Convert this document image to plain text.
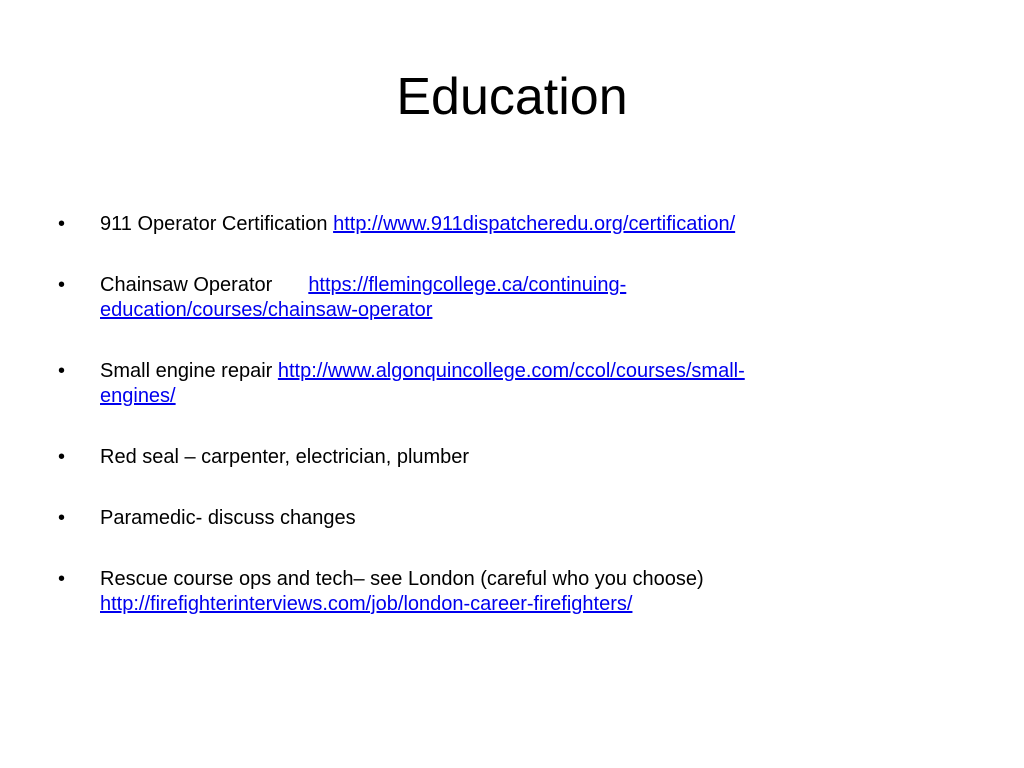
Education
•	911 Operator Certification http://www.911dispatcheredu.org/certification/
•	Chainsaw Operator https://flemingcollege.ca/continuing-
education/courses/chainsaw-operator
•	Small engine repair http://www.algonquincollege.com/ccol/courses/small-
engines/
•	Red seal – carpenter, electrician, plumber
•	Paramedic- discuss changes
•	Rescue course ops and tech– see London (careful who you choose)
http://firefighterinterviews.com/job/london-career-firefighters/
